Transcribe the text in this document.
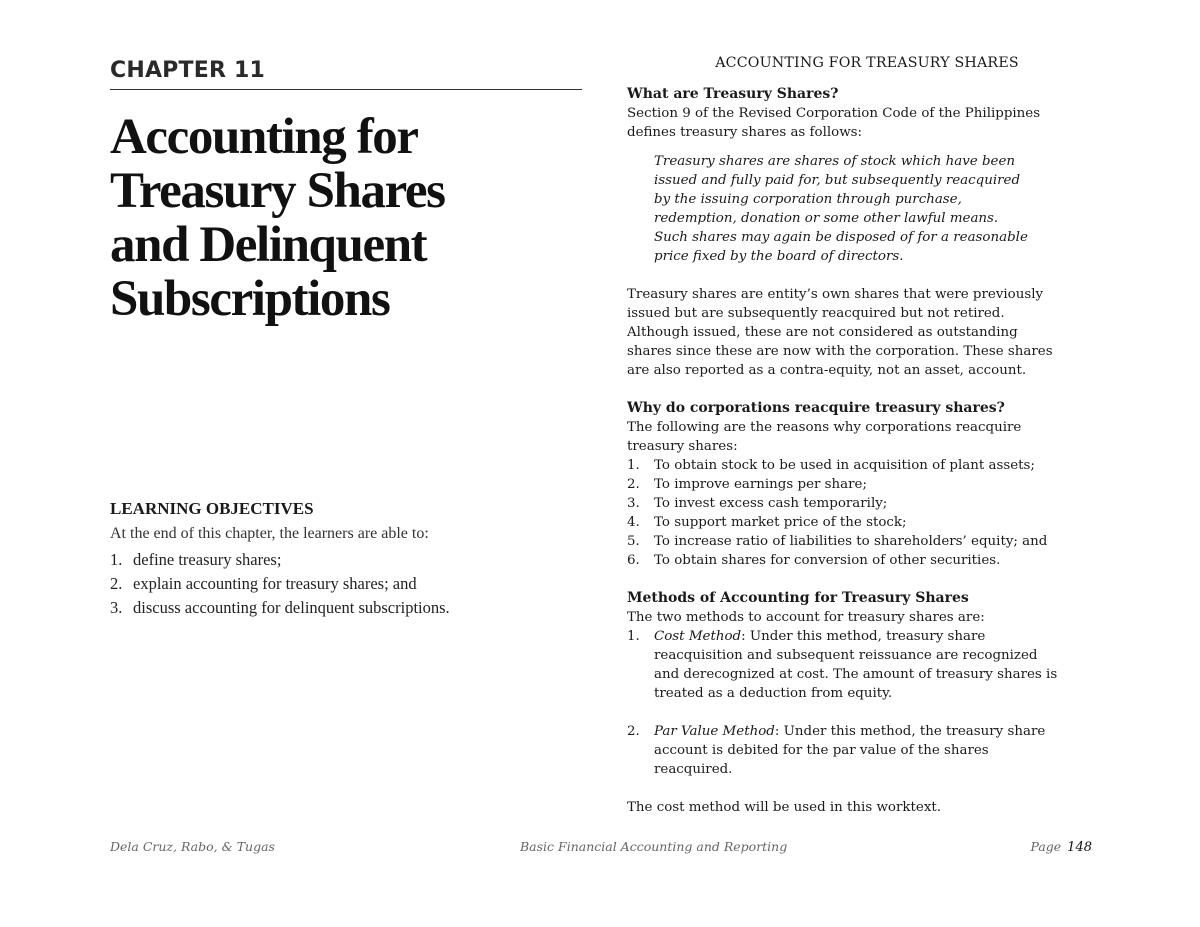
CHAPTER 11
Accounting for
Treasury Shares
and Delinquent
Subscriptions

LEARNING OBJECTIVES

At the end of this chapter, the learners are able to:

1. define treasury shares;
2. explain accounting for treasury shares; and
3. discuss accounting for delinquent subscriptions.
ACCOUNTING FOR TREASURY SHARES

What are Treasury Shares?

Section 9 of the Revised Corporation Code of the Philippines
defines treasury shares as follows:
Treasury shares are shares of stock which have been
issued and fully paid for, but subsequently reacquired
by the issuing corporation through purchase,
redemption, donation or some other lawful means.
Such shares may again be disposed of for a reasonable
price fixed by the board of directors.
Treasury shares are entity’s own shares that were previously
issued but are subsequently reacquired but not retired.
Although issued, these are not considered as outstanding
shares since these are now with the corporation. These shares
are also reported as a contra-equity, not an asset, account.

Why do corporations reacquire treasury shares?

The following are the reasons why corporations reacquire
treasury shares:
1.	To obtain stock to be used in acquisition of plant assets;
2.	To improve earnings per share;
3.	To invest excess cash temporarily;
4.	To support market price of the stock;
5.	To increase ratio of liabilities to shareholders’ equity; and
6.	To obtain shares for conversion of other securities.

Methods of Accounting for Treasury Shares

The two methods to account for treasury shares are:

1.	Cost Method: Under this method, treasury share
reacquisition and subsequent reissuance are recognized
and derecognized at cost. The amount of treasury shares is
treated as a deduction from equity.
2.	Par Value Method: Under this method, the treasury share
account is debited for the par value of the shares
reacquired.

The cost method will be used in this worktext.

Dela Cruz, Rabo, & Tugas	Basic Financial Accounting and Reporting	Page 148
